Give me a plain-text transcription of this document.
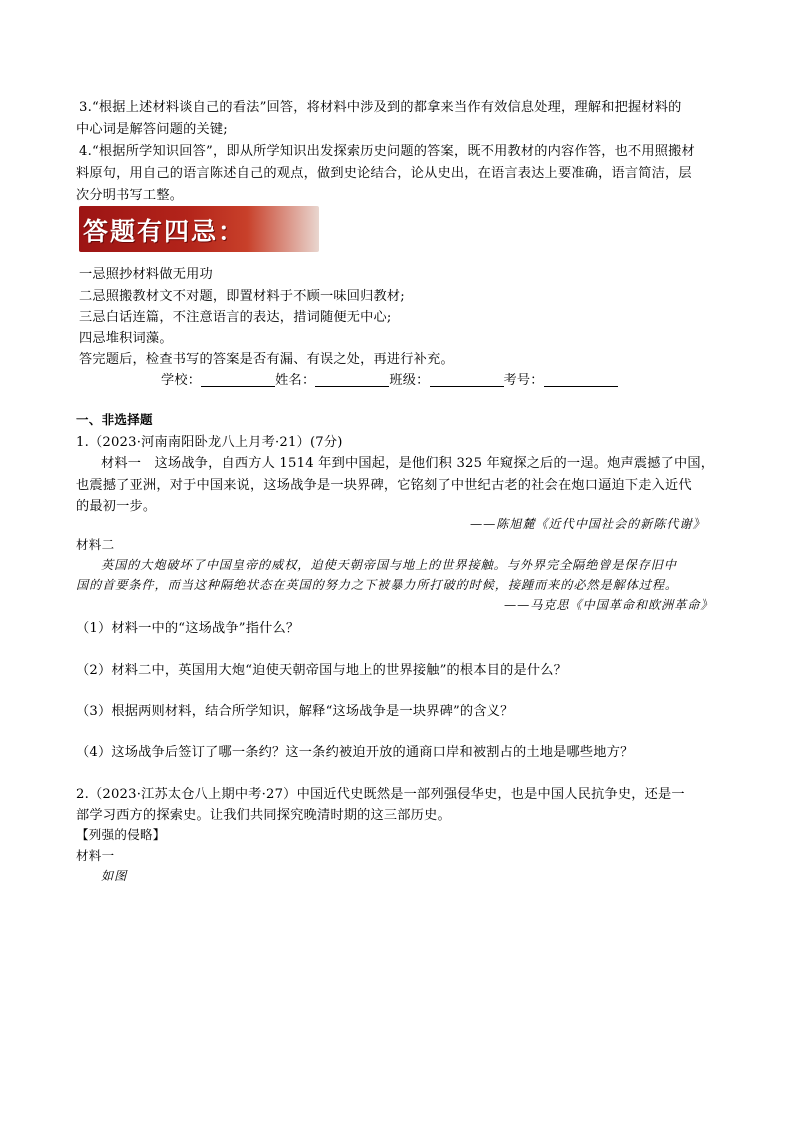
3.“根据上述材料谈自己的看法”回答，将材料中涉及到的都拿来当作有效信息处理，理解和把握材料的
中心词是解答问题的关键;
4.“根据所学知识回答”，即从所学知识出发探索历史问题的答案，既不用教材的内容作答，也不用照搬材
料原句，用自己的语言陈述自己的观点，做到史论结合，论从史出，在语言表达上要准确，语言简洁，层
次分明书写工整。
答题有四忌：
一忌照抄材料做无用功
二忌照搬教材文不对题，即置材料于不顾一味回归教材;
三忌白话连篇，不注意语言的表达，措词随便无中心;
四忌堆积词藻。
答完题后，检查书写的答案是否有漏、有误之处，再进行补充。
学校：	姓名：	班级：	考号：
一、非选择题
1.（2023·河南南阳卧龙八上月考·21）(7分)
材料一　这场战争，自西方人 1514 年到中国起，是他们积 325 年窥探之后的一逞。炮声震撼了中国，
也震撼了亚洲，对于中国来说，这场战争是一块界碑，它铭刻了中世纪古老的社会在炮口逼迫下走入近代
的最初一步。
——陈旭麓《近代中国社会的新陈代谢》
材料二
英国的大炮破坏了中国皇帝的威权，迫使天朝帝国与地上的世界接触。与外界完全隔绝曾是保存旧中
国的首要条件，而当这种隔绝状态在英国的努力之下被暴力所打破的时候，接踵而来的必然是解体过程。
——马克思《中国革命和欧洲革命》
（1）材料一中的“这场战争”指什么？
（2）材料二中，英国用大炮“迫使天朝帝国与地上的世界接触”的根本目的是什么？
（3）根据两则材料，结合所学知识，解释“这场战争是一块界碑”的含义？
（4）这场战争后签订了哪一条约？这一条约被迫开放的通商口岸和被割占的土地是哪些地方？
2.（2023·江苏太仓八上期中考·27）中国近代史既然是一部列强侵华史，也是中国人民抗争史，还是一
部学习西方的探索史。让我们共同探究晚清时期的这三部历史。
【列强的侵略】
材料一
如图
